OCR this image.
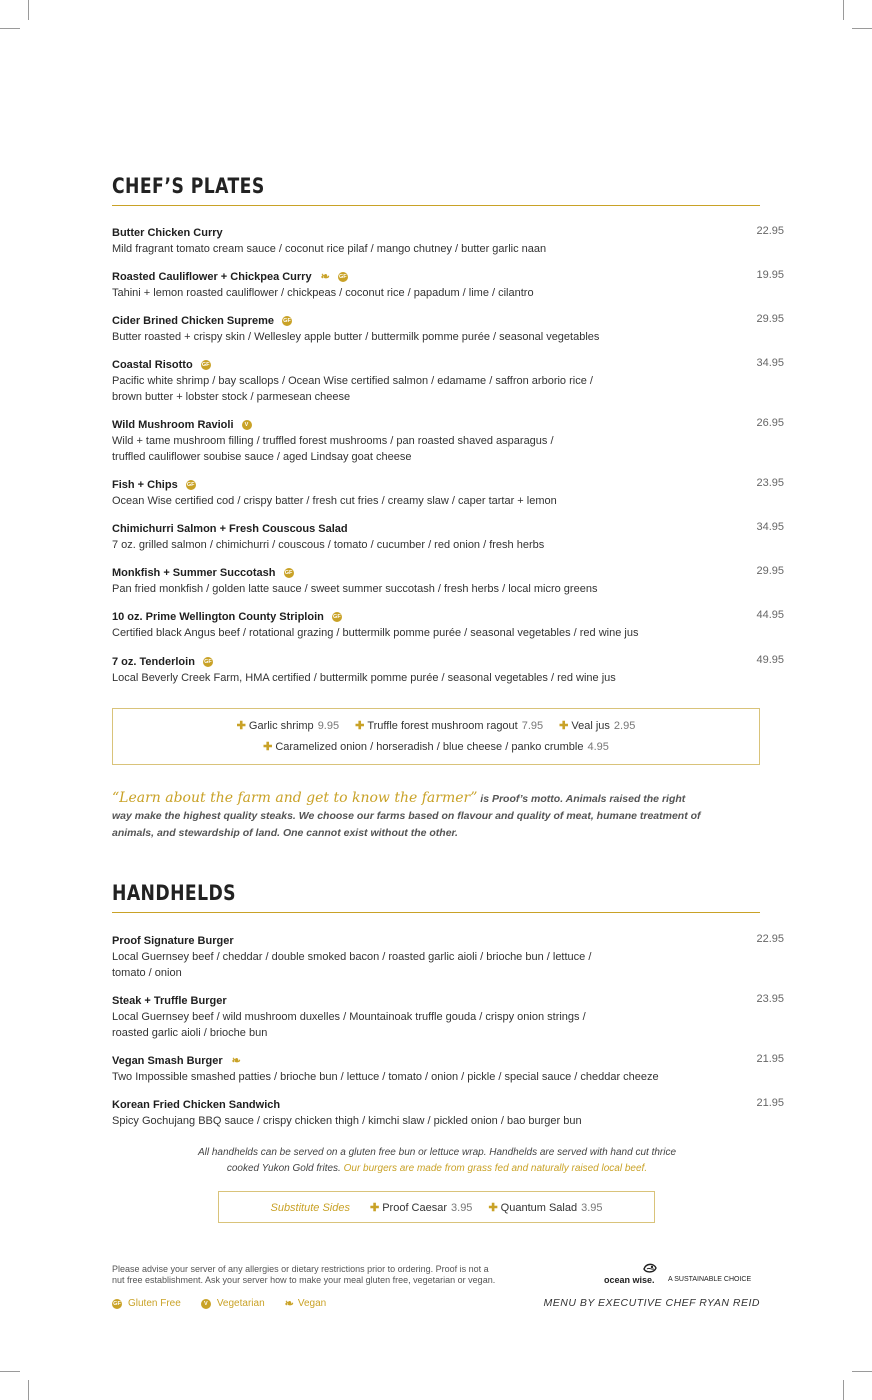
CHEF’S PLATES
Butter Chicken Curry
Mild fragrant tomato cream sauce / coconut rice pilaf / mango chutney / butter garlic naan
22.95
Roasted Cauliflower + Chickpea Curry ❧ GF
Tahini + lemon roasted cauliflower / chickpeas / coconut rice / papadum / lime / cilantro
19.95
Cider Brined Chicken Supreme GF
Butter roasted + crispy skin / Wellesley apple butter / buttermilk pomme purée / seasonal vegetables
29.95
Coastal Risotto GF
Pacific white shrimp / bay scallops / Ocean Wise certified salmon / edamame / saffron arborio rice /
brown butter + lobster stock / parmesean cheese
34.95
Wild Mushroom Ravioli	V
Wild + tame mushroom filling / truffled forest mushrooms / pan roasted shaved asparagus /
truffled cauliflower soubise sauce / aged Lindsay goat cheese
26.95
Fish + Chips GF
Ocean Wise certified cod / crispy batter / fresh cut fries / creamy slaw / caper tartar + lemon
23.95
Chimichurri Salmon + Fresh Couscous Salad
7 oz. grilled salmon / chimichurri / couscous / tomato / cucumber / red onion / fresh herbs
34.95
Monkfish + Summer Succotash GF
Pan fried monkfish / golden latte sauce / sweet summer succotash / fresh herbs / local micro greens
29.95
10 oz. Prime Wellington County Striploin GF
Certified black Angus beef / rotational grazing / buttermilk pomme purée / seasonal vegetables / red wine jus
44.95
7 oz. Tenderloin GF
Local Beverly Creek Farm, HMA certified / buttermilk pomme purée / seasonal vegetables / red wine jus
49.95
✚ Garlic shrimp 9.95 ✚ Truffle forest mushroom ragout 7.95 ✚ Veal jus 2.95
✚ Caramelized onion / horseradish / blue cheese / panko crumble 4.95
“Learn about the farm and get to know the farmer” is Proof’s motto. Animals raised the right
way make the highest quality steaks. We choose our farms based on flavour and quality of meat, humane treatment of
animals, and stewardship of land. One cannot exist without the other.
HANDHELDS
Proof Signature Burger
Local Guernsey beef / cheddar / double smoked bacon / roasted garlic aioli / brioche bun / lettuce /
tomato / onion
22.95
Steak + Truffle Burger
Local Guernsey beef / wild mushroom duxelles / Mountainoak truffle gouda / crispy onion strings /
roasted garlic aioli / brioche bun
23.95
Vegan Smash Burger ❧
Two Impossible smashed patties / brioche bun / lettuce / tomato / onion / pickle / special sauce / cheddar cheeze
21.95
Korean Fried Chicken Sandwich
Spicy Gochujang BBQ sauce / crispy chicken thigh / kimchi slaw / pickled onion / bao burger bun
21.95
All handhelds can be served on a gluten free bun or lettuce wrap. Handhelds are served with hand cut thrice
cooked Yukon Gold frites. Our burgers are made from grass fed and naturally raised local beef.
Substitute Sides ✚ Proof Caesar 3.95 ✚ Quantum Salad 3.95
Please advise your server of any allergies or dietary restrictions prior to ordering. Proof is not a
nut free establishment. Ask your server how to make your meal gluten free, vegetarian or vegan.
GF Gluten Free	V Vegetarian ❧ Vegan
ocean wise. A SUSTAINABLE CHOICE
MENU BY EXECUTIVE CHEF RYAN REID
